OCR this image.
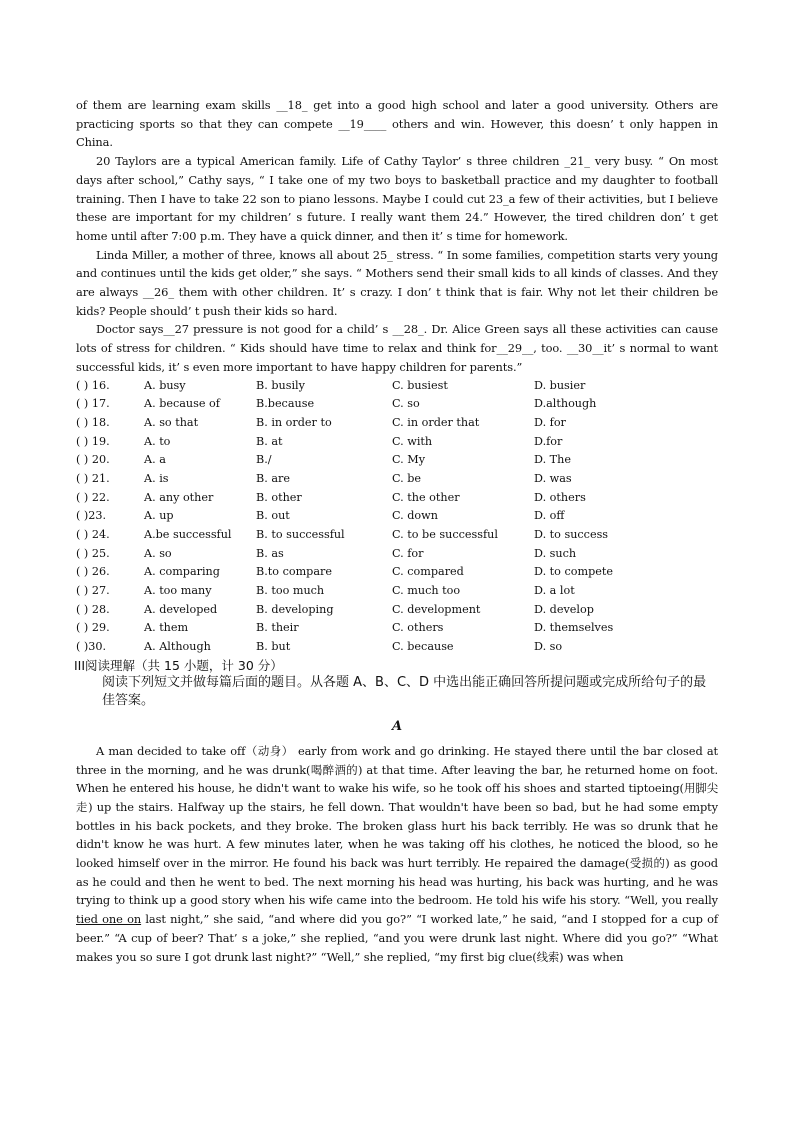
of them are learning exam skills __18_ get into a good high school and later a good university. Others are practicing sports so that they can compete __19____ others and win. However, this doesn’ t only happen in China.

20 Taylors are a typical American family. Life of Cathy Taylor’ s three children _21_ very busy. “ On most days after school,” Cathy says, “ I take one of my two boys to basketball practice and my daughter to football training. Then I have to take 22 son to piano lessons. Maybe I could cut 23_a few of their activities, but I believe these are important for my children’ s future. I really want them 24.” However, the tired children don’ t get home until after 7:00 p.m. They have a quick dinner, and then it’ s time for homework.

Linda Miller, a mother of three, knows all about 25_ stress. “ In some families, competition starts very young and continues until the kids get older,” she says. “ Mothers send their small kids to all kinds of classes. And they are always __26_ them with other children. It’ s crazy. I don’ t think that is fair. Why not let their children be kids? People should’ t push their kids so hard.

Doctor says__27 pressure is not good for a child’ s __28_. Dr. Alice Green says all these activities can cause lots of stress for children. “ Kids should have time to relax and think for__29__, too. __30__it’ s normal to want successful kids, it’ s even more important to have happy children for parents.”

( ) 16.	A. busy	B. busily	C. busiest	D. busier
( ) 17.	A. because of	B.because	C. so	D.although
( ) 18.	A. so that	B. in order to	C. in order that	D. for
( ) 19.	A. to	B. at	C. with	D.for
( ) 20.	A. a	B./	C. My	D. The
( ) 21.	A. is	B. are	C. be	D. was
( ) 22.	A. any other	B. other	C. the other	D. others
( )23.	A. up	B. out	C. down	D. off
( ) 24.	A.be successful B. to successful	C. to be successful	D. to success
( ) 25.	A. so	B. as	C. for	D. such
( ) 26.	A. comparing	B.to compare	C. compared	D. to compete
( ) 27.	A. too many	B. too much	C. much too	D. a lot
( ) 28.	A. developed	B. developing	C. development	D. develop
( ) 29.	A. them	B. their	C. others	D. themselves
( )30.	A. Although	B. but	C. because	D. so

III阅读理解（共 15 小题，计 30 分）

阅读下列短文并做每篇后面的题目。从各题 A、B、C、D 中选出能正确回答所提问题或完成所给句子的最佳答案。

A

A man decided to take off（动身） early from work and go drinking. He stayed there until the bar closed at three in the morning, and he was drunk(喝醉酒的) at that time. After leaving the bar, he returned home on foot. When he entered his house, he didn't want to wake his wife, so he took off his shoes and started tiptoeing(用脚尖走) up the stairs. Halfway up the stairs, he fell down. That wouldn't have been so bad, but he had some empty bottles in his back pockets, and they broke. The broken glass hurt his back terribly. He was so drunk that he didn't know he was hurt. A few minutes later, when he was taking off his clothes, he noticed the blood, so he looked himself over in the mirror. He found his back was hurt terribly. He repaired the damage(受损的) as good as he could and then he went to bed. The next morning his head was hurting, his back was hurting, and he was trying to think up a good story when his wife came into the bedroom. He told his wife his story. “Well, you really tied one on last night,” she said, “and where did you go?” “I worked late,” he said, “and I stopped for a cup of beer.” “A cup of beer? That’ s a joke,” she replied, “and you were drunk last night. Where did you go?” “What makes you so sure I got drunk last night?” “Well,” she replied, “my first big clue(线索) was when
